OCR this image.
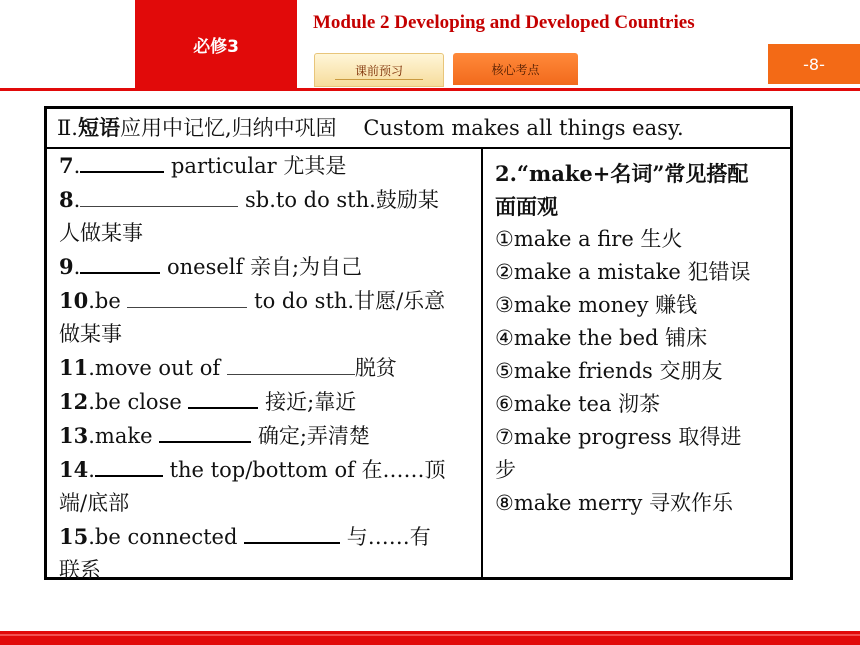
必修3
Module 2 Developing and Developed Countries
课前预习	核心考点	-8-
Ⅱ.短语应用中记忆,归纳中巩固 Custom makes all things easy.
7.	particular 尤其是
8.	sb.to do sth.鼓励某
人做某事
9.	oneself 亲自;为自己
10.be	to do sth.甘愿/乐意
做某事
11.move out of	脱贫
12.be close	接近;靠近
13.make	确定;弄清楚
14.	the top/bottom of 在……顶
端/底部
15.be connected	与……有
联系
2.“make+名词”常见搭配
面面观
①make a fire 生火
②make a mistake 犯错误
③make money 赚钱
④make the bed 铺床
⑤make friends 交朋友
⑥make tea 沏茶
⑦make progress 取得进
步
⑧make merry 寻欢作乐
